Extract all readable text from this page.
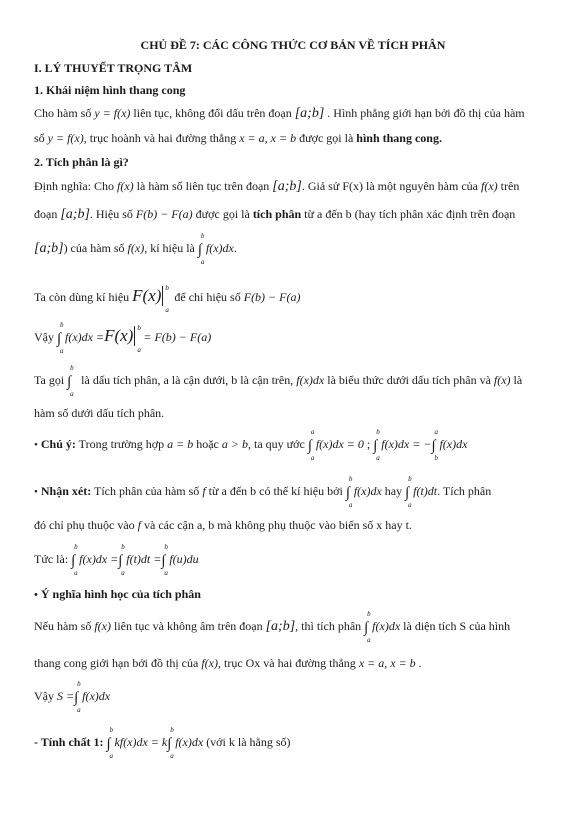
CHỦ ĐỀ 7: CÁC CÔNG THỨC CƠ BẢN VỀ TÍCH PHÂN
I. LÝ THUYẾT TRỌNG TÂM
1. Khái niệm hình thang cong
Cho hàm số y = f(x) liên tục, không đổi dấu trên đoạn [a;b] . Hình phẳng giới hạn bởi đồ thị của hàm
số y = f(x), trục hoành và hai đường thẳng x = a, x = b được gọi là hình thang cong.
2. Tích phân là gì?
Định nghĩa: Cho f(x) là hàm số liên tục trên đoạn [a;b]. Giả sử F(x) là một nguyên hàm của f(x) trên
đoạn [a;b]. Hiệu số F(b) − F(a) được gọi là tích phân từ a đến b (hay tích phân xác định trên đoạn
[a;b]) của hàm số f(x), kí hiệu là ∫
b
a
f(x)dx.
Ta còn dùng kí hiệu F(x) b
a
để chỉ hiệu số F(b) − F(a)
Vậy ∫
b
a
f(x)dx =F(x) b
a
= F(b) − F(a)
Ta gọi ∫
b
a
là dấu tích phân, a là cận dưới, b là cận trên, f(x)dx là biểu thức dưới dấu tích phân và f(x) là
hàm số dưới dấu tích phân.
• Chú ý: Trong trường hợp a = b hoặc a > b, ta quy ước ∫
a
a
f(x)dx = 0 ; ∫
b
a
f(x)dx = −∫
a
b
f(x)dx
• Nhận xét: Tích phân của hàm số f từ a đến b có thể kí hiệu bởi ∫
b
a
f(x)dx hay ∫
b
a
f(t)dt. Tích phân
đó chỉ phụ thuộc vào f và các cận a, b mà không phụ thuộc vào biến số x hay t.
Tức là: ∫
b
a
f(x)dx =∫
b
a
f(t)dt =∫
b
a
f(u)du
• Ý nghĩa hình học của tích phân
Nếu hàm số f(x) liên tục và không âm trên đoạn [a;b], thì tích phân ∫
b
a
f(x)dx là diện tích S của hình
thang cong giới hạn bởi đồ thị của f(x), trục Ox và hai đường thẳng x = a, x = b .
Vậy S =∫
b
a
f(x)dx
- Tính chất 1: ∫
b
a
kf(x)dx = k∫
b
a
f(x)dx (với k là hằng số)
